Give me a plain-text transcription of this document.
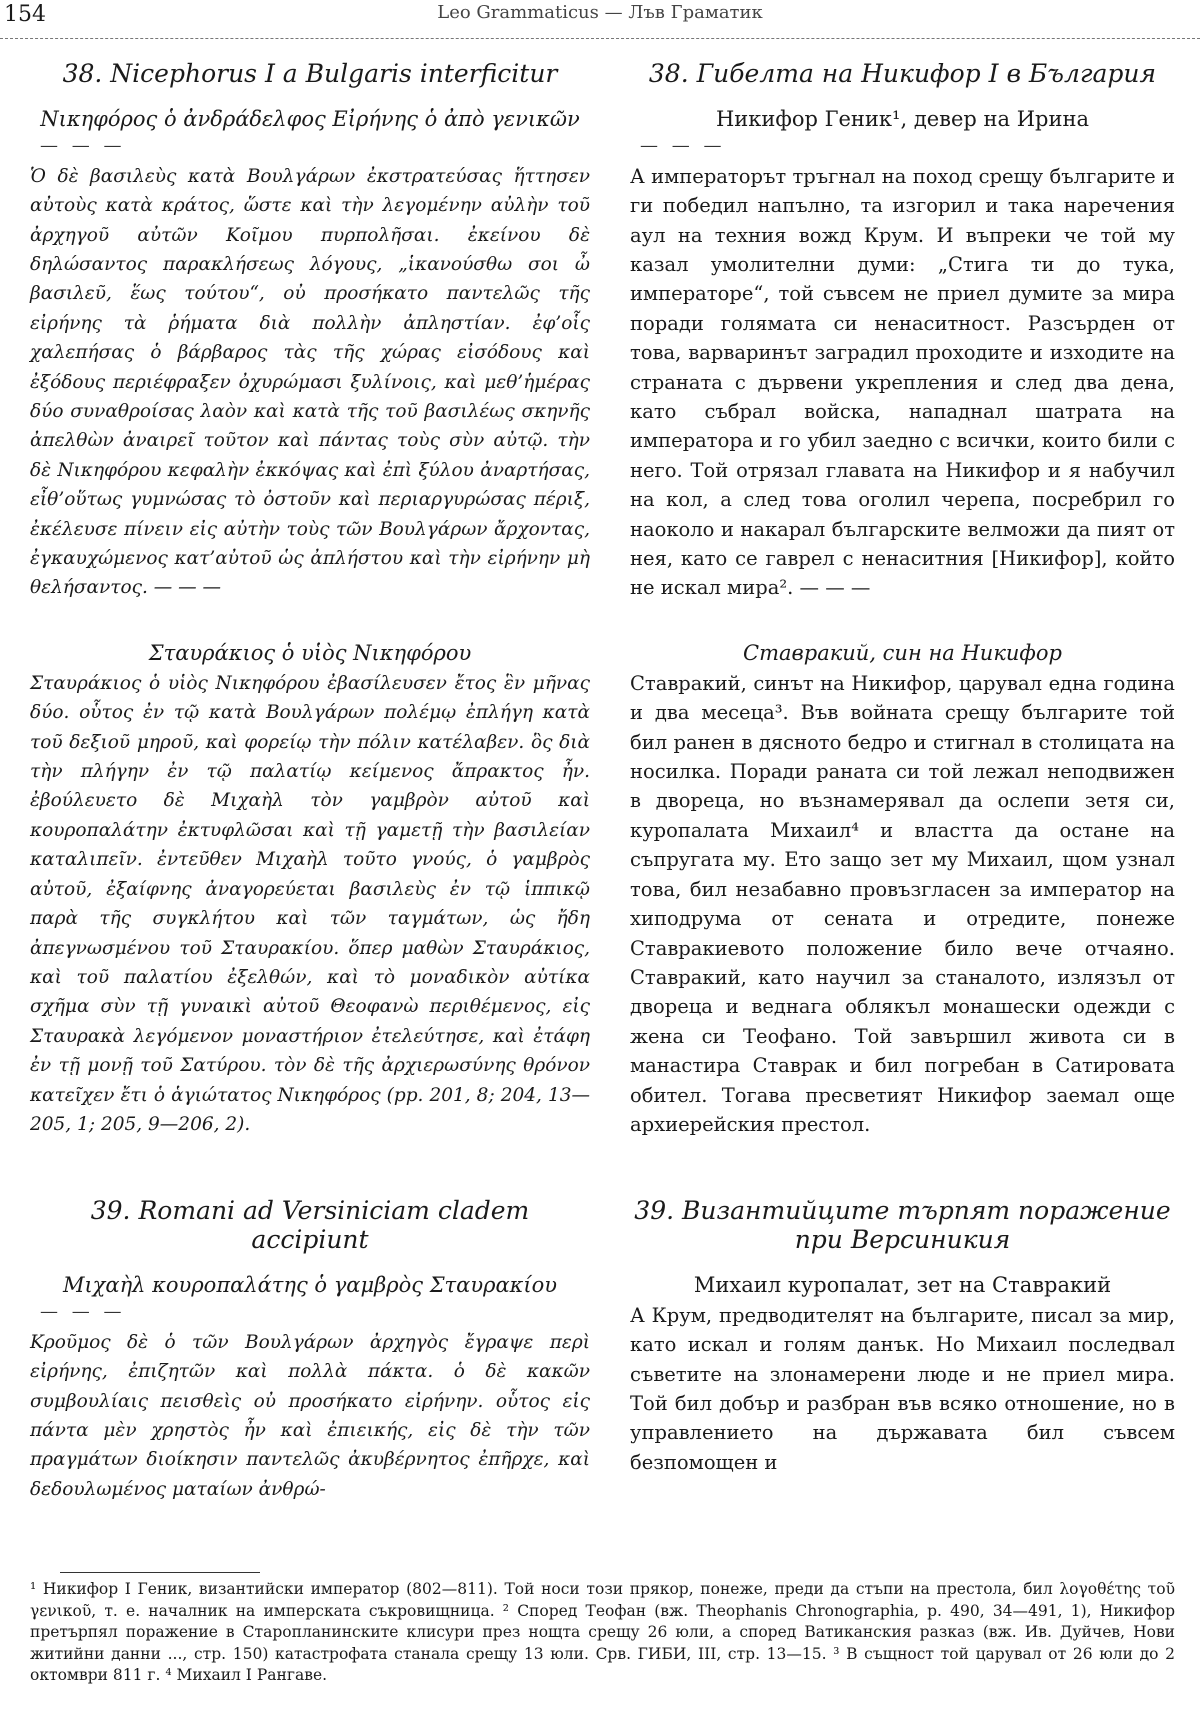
154	Leo Grammaticus — Лъв Граматик
38. Nicephorus I a Bulgaris interficitur
Νικηφόρος ὁ ἀνδράδελφος Εἰρήνης ὁ ἀπὸ γενικῶν
— — —

Ὁ δὲ βασιλεὺς κατὰ Βουλγάρων ἐκστρατεύσας ἥττησεν αὐτοὺς κατὰ κράτος, ὥστε καὶ τὴν λεγομένην αὐλὴν τοῦ ἀρχηγοῦ αὐτῶν Κοῖμου πυρπολῆσαι. ἐκείνου δὲ δηλώσαντος παρακλήσεως λόγους, „ἱκανούσθω σοι ὦ βασιλεῦ, ἕως τούτου“, οὐ προσήκατο παντελῶς τῆς εἰρήνης τὰ ῥήματα διὰ πολλὴν ἀπληστίαν. ἐφ’οἷς χαλεπήσας ὁ βάρβαρος τὰς τῆς χώρας εἰσόδους καὶ ἐξόδους περιέφραξεν ὀχυρώμασι ξυλίνοις, καὶ μεθ’ἡμέρας δύο συναθροίσας λαὸν καὶ κατὰ τῆς τοῦ βασιλέως σκηνῆς ἀπελθὼν ἀναιρεῖ τοῦτον καὶ πάντας τοὺς σὺν αὐτῷ. τὴν δὲ Νικηφόρου κεφαλὴν ἐκκόψας καὶ ἐπὶ ξύλου ἀναρτήσας, εἶθ’οὕτως γυμνώσας τὸ ὀστοῦν καὶ περιαργυρώσας πέριξ, ἐκέλευσε πίνειν εἰς αὐτὴν τοὺς τῶν Βουλγάρων ἄρχοντας, ἐγκαυχώμενος κατ’αὐτοῦ ὡς ἀπλήστου καὶ τὴν εἰρήνην μὴ θελήσαντος. — — —

Σταυράκιος ὁ υἱὸς Νικηφόρου

Σταυράκιος ὁ υἱὸς Νικηφόρου ἐβασίλευσεν ἔτος ἓν μῆνας δύο. οὗτος ἐν τῷ κατὰ Βουλγάρων πολέμῳ ἐπλήγη κατὰ τοῦ δεξιοῦ μηροῦ, καὶ φορείῳ τὴν πόλιν κατέλαβεν. ὃς διὰ τὴν πλήγην ἐν τῷ παλατίῳ κείμενος ἄπρακτος ἦν. ἐβούλευετο δὲ Μιχαὴλ τὸν γαμβρὸν αὐτοῦ καὶ κουροπαλάτην ἐκτυφλῶσαι καὶ τῇ γαμετῇ τὴν βασιλείαν καταλιπεῖν. ἐντεῦθεν Μιχαὴλ τοῦτο γνούς, ὁ γαμβρὸς αὐτοῦ, ἐξαίφνης ἀναγορεύεται βασιλεὺς ἐν τῷ ἱππικῷ παρὰ τῆς συγκλήτου καὶ τῶν ταγμάτων, ὡς ἤδη ἀπεγνωσμένου τοῦ Σταυρακίου. ὅπερ μαθὼν Σταυράκιος, καὶ τοῦ παλατίου ἐξελθών, καὶ τὸ μοναδικὸν αὐτίκα σχῆμα σὺν τῇ γυναικὶ αὐτοῦ Θεοφανὼ περιθέμενος, εἰς Σταυρακὰ λεγόμενον μοναστήριον ἐτελεύτησε, καὶ ἐτάφη ἐν τῇ μονῇ τοῦ Σατύρου. τὸν δὲ τῆς ἀρχιερωσύνης θρόνον κατεῖχεν ἔτι ὁ ἁγιώτατος Νικηφόρος (pp. 201, 8; 204, 13—205, 1; 205, 9—206, 2).

39. Romani ad Versiniciam cladem accipiunt
Μιχαὴλ κουροπαλάτης ὁ γαμβρὸς Σταυρακίου
— — —

Κροῦμος δὲ ὁ τῶν Βουλγάρων ἀρχηγὸς ἔγραψε περὶ εἰρήνης, ἐπιζητῶν καὶ πολλὰ πάκτα. ὁ δὲ κακῶν συμβουλίαις πεισθεὶς οὐ προσήκατο εἰρήνην. οὗτος εἰς πάντα μὲν χρηστὸς ἦν καὶ ἐπιεικής, εἰς δὲ τὴν τῶν πραγμάτων διοίκησιν παντελῶς ἀκυβέρνητος ἐπῆρχε, καὶ δεδουλωμένος ματαίων ἀνθρώ-

38. Гибелта на Никифор I в България
Никифор Геник¹, девер на Ирина
— — —

А императорът тръгнал на поход срещу българите и ги победил напълно, та изгорил и така наречения аул на техния вожд Крум. И въпреки че той му казал умолителни думи: „Стига ти до тука, императоре“, той съвсем не приел думите за мира поради голямата си ненаситност. Разсърден от това, варваринът заградил проходите и изходите на страната с дървени укрепления и след два дена, като събрал войска, нападнал шатрата на императора и го убил заедно с всички, които били с него. Той отрязал главата на Никифор и я набучил на кол, а след това оголил черепа, посребрил го наоколо и накарал българските велможи да пият от нея, като се гаврел с ненаситния [Никифор], който не искал мира². — — —

Ставракий, син на Никифор

Ставракий, синът на Никифор, царувал една година и два месеца³. Във войната срещу българите той бил ранен в дясното бедро и стигнал в столицата на носилка. Поради раната си той лежал неподвижен в двореца, но възнамерявал да ослепи зетя си, куропалата Михаил⁴ и властта да остане на съпругата му. Ето защо зет му Михаил, щом узнал това, бил незабавно провъзгласен за император на хиподрума от сената и отредите, понеже Ставракиевото положение било вече отчаяно. Ставракий, като научил за станалото, излязъл от двореца и веднага облякъл монашески одежди с жена си Теофано. Той завършил живота си в манастира Ставрак и бил погребан в Сатировата обител. Тогава пресветият Никифор заемал още архиерейския престол.

39. Византийците търпят поражение при Версиникия
Михаил куропалат, зет на Ставракий

А Крум, предводителят на българите, писал за мир, като искал и голям данък. Но Михаил последвал съветите на злонамерени люде и не приел мира. Той бил добър и разбран във всяко отношение, но в управлението на държавата бил съвсем безпомощен и

¹ Никифор I Геник, византийски император (802—811). Той носи този прякор, понеже, преди да стъпи на престола, бил λογοθέτης τοῦ γενικοῦ, т. е. началник на имперската съкровищница. ² Според Теофан (вж. Theophanis Chronographia, p. 490, 34—491, 1), Никифор претърпял поражение в Старопланинските клисури през нощта срещу 26 юли, а според Ватиканския разказ (вж. Ив. Дуйчев, Нови житийни данни ..., стр. 150) катастрофата станала срещу 13 юли. Срв. ГИБИ, III, стр. 13—15. ³ В същност той царувал от 26 юли до 2 октомври 811 г. ⁴ Михаил I Рангаве.
